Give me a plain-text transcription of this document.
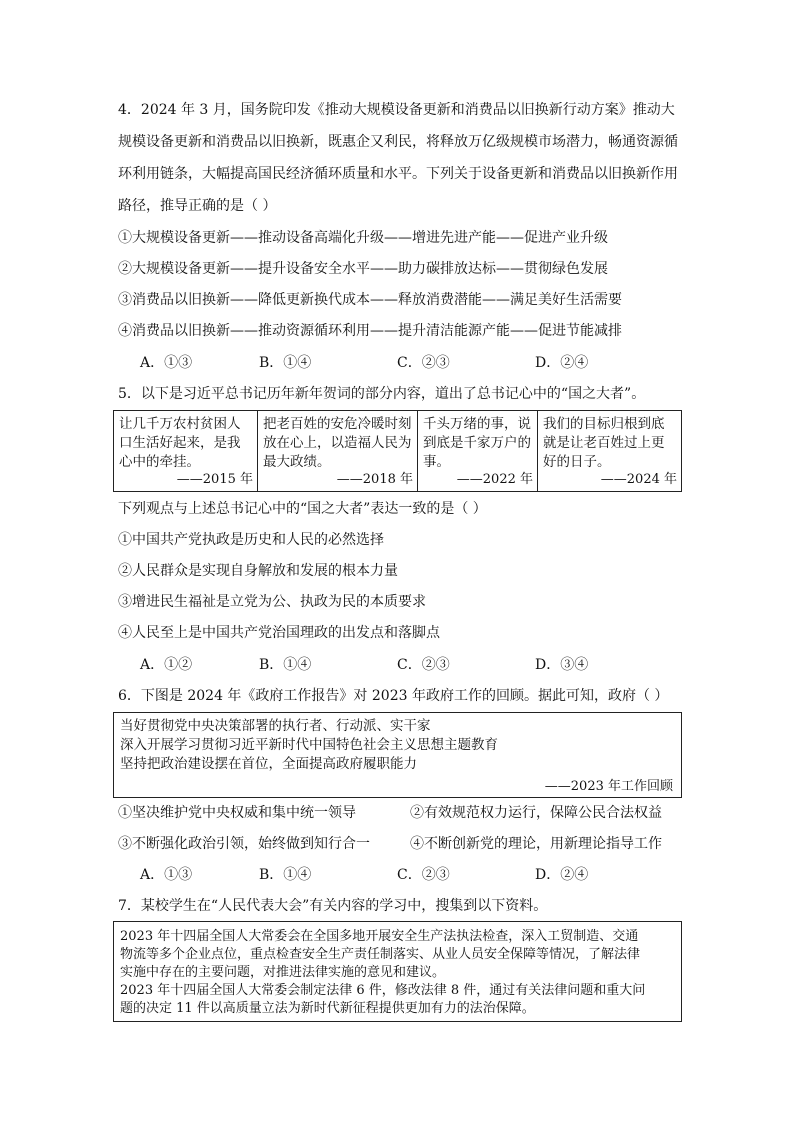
4．2024 年 3 月，国务院印发《推动大规模设备更新和消费品以旧换新行动方案》推动大
规模设备更新和消费品以旧换新，既惠企又利民，将释放万亿级规模市场潜力，畅通资源循
环利用链条，大幅提高国民经济循环质量和水平。下列关于设备更新和消费品以旧换新作用
路径，推导正确的是（ ）
①大规模设备更新——推动设备高端化升级——增进先进产能——促进产业升级
②大规模设备更新——提升设备安全水平——助力碳排放达标——贯彻绿色发展
③消费品以旧换新——降低更新换代成本——释放消费潜能——满足美好生活需要
④消费品以旧换新——推动资源循环利用——提升清洁能源产能——促进节能减排
A．①③	B．①④	C．②③	D．②④
5．以下是习近平总书记历年新年贺词的部分内容，道出了总书记心中的“国之大者”。
让几千万农村贫困人口生活好起来，是我心中的牵挂。
——2015 年
把老百姓的安危冷暖时刻放在心上，以造福人民为最大政绩。
——2018 年
千头万绪的事，说到底是千家万户的事。
——2022 年
我们的目标归根到底就是让老百姓过上更好的日子。
——2024 年
下列观点与上述总书记心中的“国之大者”表达一致的是（ ）
①中国共产党执政是历史和人民的必然选择
②人民群众是实现自身解放和发展的根本力量
③增进民生福祉是立党为公、执政为民的本质要求
④人民至上是中国共产党治国理政的出发点和落脚点
A．①②	B．①④	C．②③	D．③④
6．下图是 2024 年《政府工作报告》对 2023 年政府工作的回顾。据此可知，政府（ ）
当好贯彻党中央决策部署的执行者、行动派、实干家
深入开展学习贯彻习近平新时代中国特色社会主义思想主题教育
坚持把政治建设摆在首位，全面提高政府履职能力
——2023 年工作回顾
①坚决维护党中央权威和集中统一领导	②有效规范权力运行，保障公民合法权益
③不断强化政治引领，始终做到知行合一	④不断创新党的理论，用新理论指导工作
A．①③	B．①④	C．②③	D．②④
7．某校学生在“人民代表大会”有关内容的学习中，搜集到以下资料。
2023 年十四届全国人大常委会在全国多地开展安全生产法执法检查，深入工贸制造、交通
物流等多个企业点位，重点检查安全生产责任制落实、从业人员安全保障等情况，了解法律
实施中存在的主要问题，对推进法律实施的意见和建议。
2023 年十四届全国人大常委会制定法律 6 件，修改法律 8 件，通过有关法律问题和重大问
题的决定 11 件以高质量立法为新时代新征程提供更加有力的法治保障。
